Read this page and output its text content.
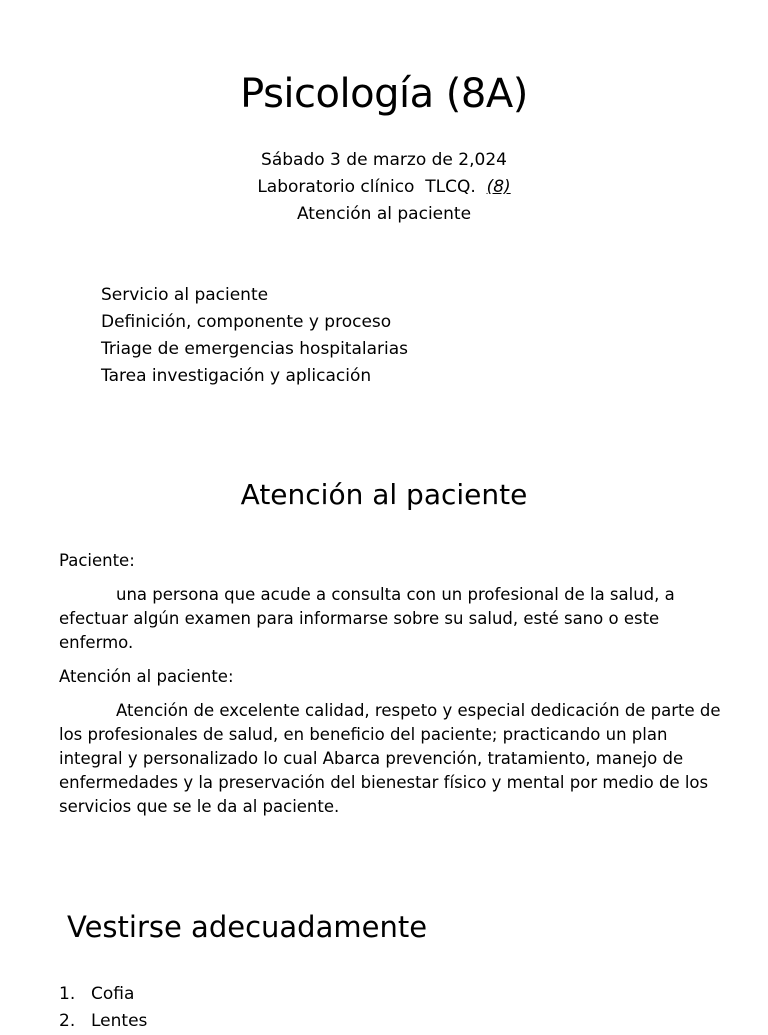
Psicología (8A)
Sábado 3 de marzo de 2,024
Laboratorio clínico  TLCQ.  (8)
Atención al paciente
Servicio al paciente
Definición, componente y proceso
Triage de emergencias hospitalarias
Tarea investigación y aplicación
Atención al paciente

Paciente:

una persona que acude a consulta con un profesional de la salud, a efectuar algún examen para informarse sobre su salud, esté sano o este enfermo.

Atención al paciente:

Atención de excelente calidad, respeto y especial dedicación de parte de los profesionales de salud, en beneficio del paciente; practicando un plan integral y personalizado lo cual Abarca prevención, tratamiento, manejo de enfermedades y la preservación del bienestar físico y mental por medio de los servicios que se le da al paciente.

Vestirse adecuadamente
1. Cofia
2. Lentes
